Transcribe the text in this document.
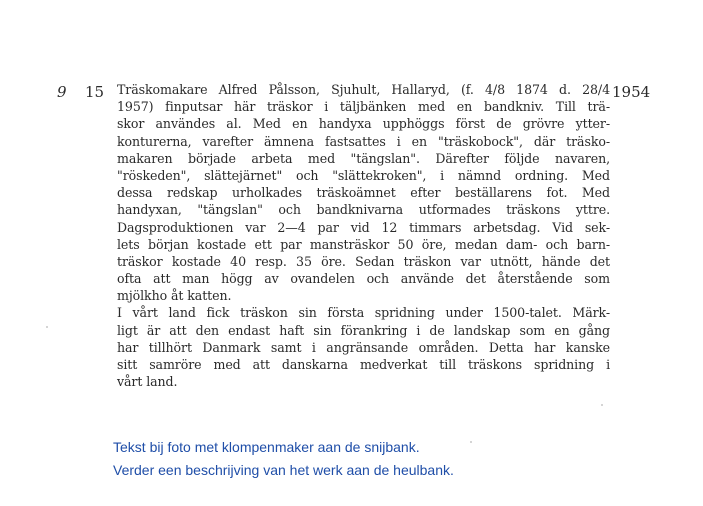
9 15	1954
Träskomakare Alfred Pålsson, Sjuhult, Hallaryd, (f. 4/8 1874 d. 28/4
1957) finputsar här träskor i täljbänken med en bandkniv. Till trä-
skor användes al. Med en handyxa upphöggs först de grövre ytter-
konturerna, varefter ämnena fastsattes i en "träskobock", där träsko-
makaren började arbeta med "tängslan". Därefter följde navaren,
"röskeden", slättejärnet" och "slättekroken", i nämnd ordning. Med
dessa redskap urholkades träskoämnet efter beställarens fot. Med
handyxan, "tängslan" och bandknivarna utformades träskons yttre.
Dagsproduktionen var 2—4 par vid 12 timmars arbetsdag. Vid sek-
lets början kostade ett par mansträskor 50 öre, medan dam- och barn-
träskor kostade 40 resp. 35 öre. Sedan träskon var utnött, hände det
ofta att man högg av ovandelen och använde det återstående som
mjölkho åt katten.
I vårt land fick träskon sin första spridning under 1500-talet. Märk-
ligt är att den endast haft sin förankring i de landskap som en gång
har tillhört Danmark samt i angränsande områden. Detta har kanske
sitt samröre med att danskarna medverkat till träskons spridning i
vårt land.
Tekst bij foto met klompenmaker aan de snijbank.
Verder een beschrijving van het werk aan de heulbank.
